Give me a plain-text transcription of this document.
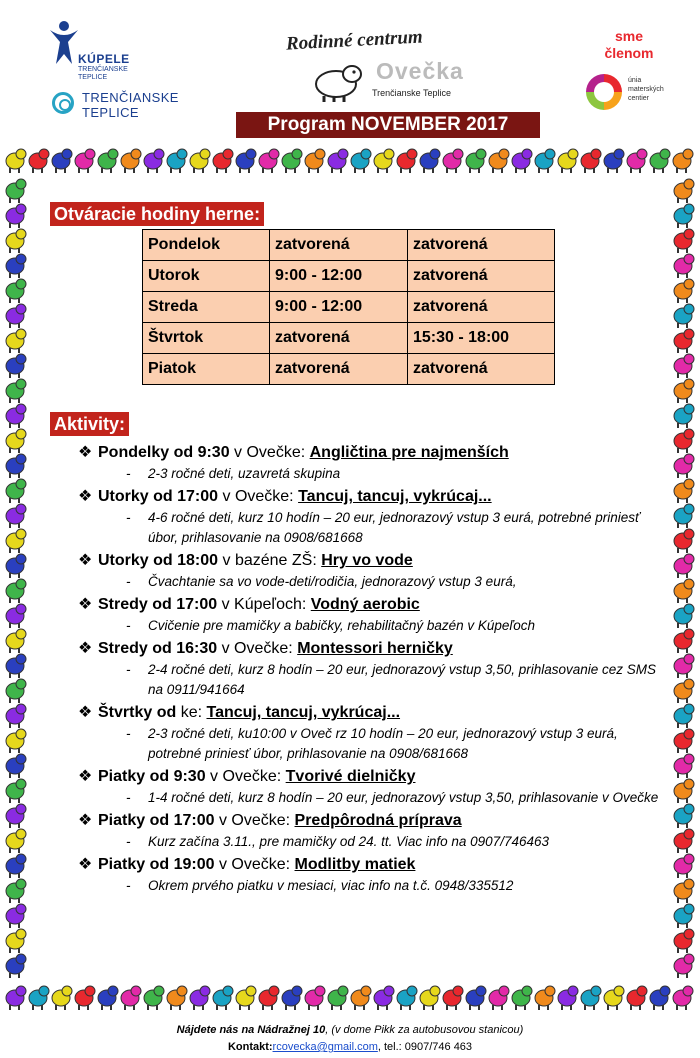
KÚPELE
TRENČIANSKE TEPLICE
TRENČIANSKE
TEPLICE
Rodinné centrum
Ovečka
Trenčianske Teplice
Program NOVEMBER 2017
sme
členom
únia
materských
centier
Otváracie hodiny herne:
Pondelok	zatvorená	zatvorená
Utorok	9:00 - 12:00	zatvorená
Streda	9:00 - 12:00	zatvorená
Štvrtok	zatvorená	15:30 - 18:00
Piatok	zatvorená	zatvorená
Aktivity:
❖ Pondelky od 9:30 v Ovečke: Angličtina pre najmenších
- 2-3 ročné deti, uzavretá skupina
❖ Utorky od 17:00 v Ovečke: Tancuj, tancuj, vykrúcaj...
- 4-6 ročné deti, kurz 10 hodín – 20 eur, jednorazový vstup 3 eurá, potrebné priniesť úbor, prihlasovanie na 0908/681668
❖ Utorky od 18:00 v bazéne ZŠ: Hry vo vode
- Čvachtanie sa vo vode-deti/rodičia, jednorazový vstup 3 eurá,
❖ Stredy od 17:00 v Kúpeľoch: Vodný aerobic
- Cvičenie pre mamičky a babičky, rehabilitačný bazén v Kúpeľoch
❖ Stredy od 16:30 v Ovečke: Montessori herničky
- 2-4 ročné deti, kurz 8 hodín – 20 eur, jednorazový vstup 3,50, prihlasovanie cez SMS na 0911/941664
❖ Štvrtky od ke: Tancuj, tancuj, vykrúcaj...
- 2-3 ročné deti, ku10:00 v Oveč rz 10 hodín – 20 eur, jednorazový vstup 3 eurá, potrebné priniesť úbor, prihlasovanie na 0908/681668
❖ Piatky od 9:30 v Ovečke: Tvorivé dielničky
- 1-4 ročné deti, kurz 8 hodín – 20 eur, jednorazový vstup 3,50, prihlasovanie v Ovečke
❖ Piatky od 17:00 v Ovečke: Predpôrodná príprava
- Kurz začína 3.11., pre mamičky od 24. tt. Viac info na 0907/746463
❖ Piatky od 19:00 v Ovečke: Modlitby matiek
- Okrem prvého piatku v mesiaci, viac info na t.č. 0948/335512
Nájdete nás na Nádražnej 10, (v dome Pikk za autobusovou stanicou)
Kontakt:rcovecka@gmail.com, tel.: 0907/746 463
